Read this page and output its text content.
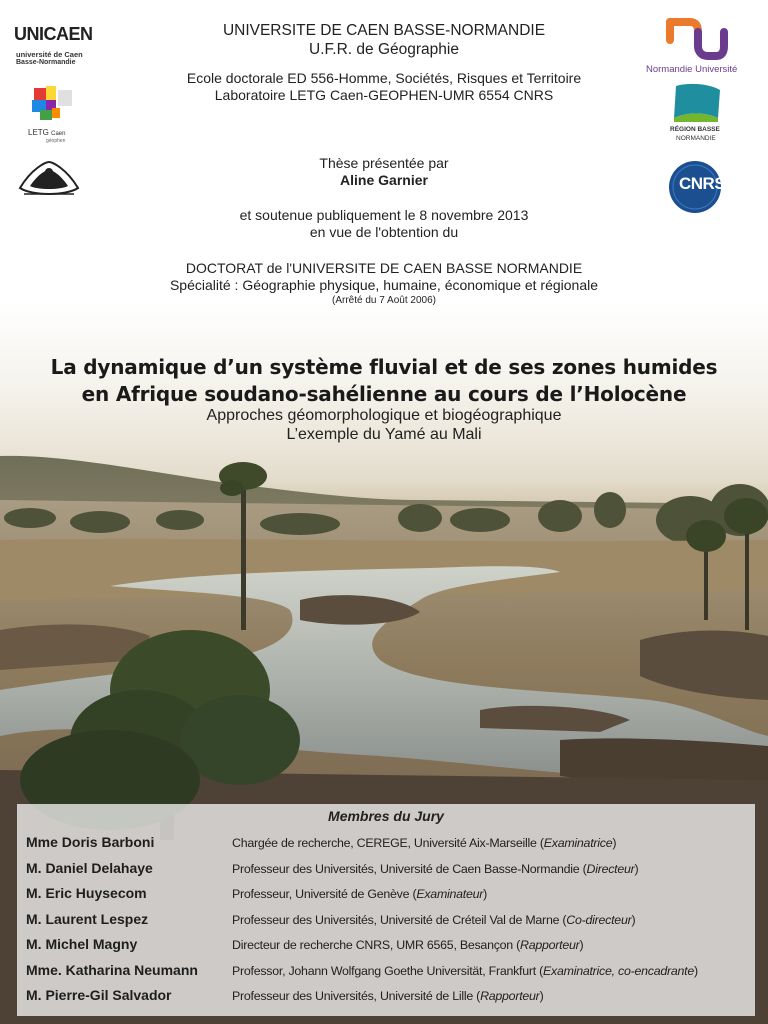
UNIVERSITE DE CAEN BASSE-NORMANDIE
U.F.R. de Géographie
Ecole doctorale ED 556-Homme, Sociétés, Risques et Territoire
Laboratoire LETG Caen-GEOPHEN-UMR 6554 CNRS
Thèse présentée par
Aline Garnier
et soutenue publiquement le 8 novembre 2013
en vue de l'obtention du
DOCTORAT de l'UNIVERSITE DE CAEN BASSE NORMANDIE
Spécialité : Géographie physique, humaine, économique et régionale
(Arrêté du 7 Août 2006)
La dynamique d’un système fluvial et de ses zones humides
en Afrique soudano-sahélienne au cours de l’Holocène
Approches géomorphologique et biogéographique
L’exemple du Yamé au Mali
UNICAEN
université de Caen
Basse-Normandie
LETG Caen
géophen
Normandie Université
RÉGION BASSE
NORMANDIE
CNRS
Membres du Jury
Mme Doris Barboni	Chargée de recherche, CEREGE, Université Aix-Marseille (Examinatrice)
M. Daniel Delahaye	Professeur des Universités, Université de Caen Basse-Normandie (Directeur)
M. Eric Huysecom	Professeur, Université de Genève (Examinateur)
M. Laurent Lespez	Professeur des Universités, Université de Créteil Val de Marne (Co-directeur)
M. Michel Magny	Directeur de recherche CNRS, UMR 6565, Besançon (Rapporteur)
Mme. Katharina Neumann	Professor, Johann Wolfgang Goethe Universität, Frankfurt (Examinatrice, co-encadrante)
M. Pierre-Gil Salvador	Professeur des Universités, Université de Lille (Rapporteur)
